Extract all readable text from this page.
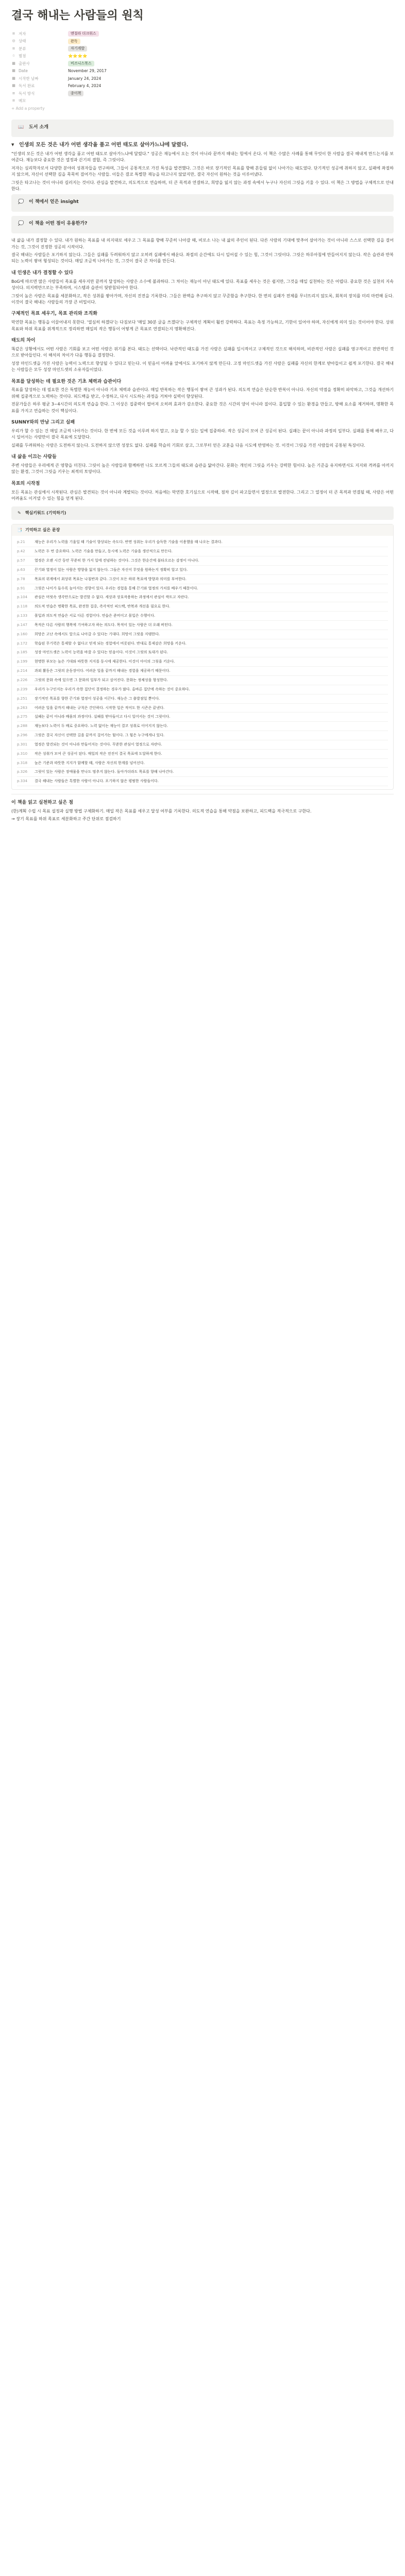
결국 해내는 사람들의 원칙
≡ 저자	앤절라 더크워스
◎ 상태	완독
≡ 분류	자기계발
☆ 별점	⭐⭐⭐⭐
▦ 출판사	비즈니스북스
▦ Date	November 29, 2017
▦ 시작한 날짜	January 24, 2024
▦ 독서 완료	February 4, 2024
≡ 독서 방식	종이책
≡ 메모
+ Add a property
📖 도서 소개
▼ 인생의 모든 것은 내가 어떤 생각을 품고 어떤 태도로 살아가느냐에 달렸다.

"인생의 모든 것은 내가 어떤 생각을 품고 어떤 태도로 살아가느냐에 달렸다." 성공은 재능에서 오는 것이 아니라 끝까지 해내는 힘에서 온다. 이 책은 수많은 사례를 통해 무엇이 한 사람을 결국 해내게 만드는지를 보여준다. 재능보다 중요한 것은 열정과 끈기의 결합, 즉 그릿이다.

저자는 심리학자로서 다양한 분야의 성취자들을 연구하며, 그들이 공통적으로 가진 특성을 발견했다. 그것은 바로 장기적인 목표를 향해 흔들림 없이 나아가는 태도였다. 단기적인 성공에 취하지 않고, 실패에 좌절하지 않으며, 자신이 선택한 길을 묵묵히 걸어가는 사람들. 이들은 결코 특별한 재능을 타고나지 않았지만, 결국 자신이 원하는 것을 이루어냈다.

그릿은 타고나는 것이 아니라 길러지는 것이다. 관심을 발견하고, 의도적으로 연습하며, 더 큰 목적과 연결하고, 희망을 잃지 않는 과정 속에서 누구나 자신의 그릿을 키울 수 있다. 이 책은 그 방법을 구체적으로 안내한다.

💭 이 책에서 얻은 insight
💭 이 책을 어떤 점이 유용한가?

내 삶을 내가 결정할 수 있다. 내가 원하는 목표를 내 의지대로 세우고 그 목표를 향해 꾸준히 나아갈 때, 비로소 나는 내 삶의 주인이 된다. 다른 사람의 기대에 맞추어 살아가는 것이 아니라 스스로 선택한 길을 걸어가는 것, 그것이 진정한 성공의 시작이다.

결국 해내는 사람들은 포기하지 않는다. 그들은 실패를 두려워하지 않고 오히려 실패에서 배운다. 좌절의 순간에도 다시 일어설 수 있는 힘, 그것이 그릿이다. 그릿은 하루아침에 만들어지지 않는다. 작은 습관과 반복되는 노력이 쌓여 형성되는 것이다. 매일 조금씩 나아가는 것, 그것이 결국 큰 차이를 만든다.

내 인생은 내가 결정할 수 있다

BoG에 따르면 많은 사람들이 목표를 세우지만 끝까지 달성하는 사람은 소수에 불과하다. 그 차이는 재능이 아닌 태도에 있다. 목표를 세우는 것은 쉽지만, 그것을 매일 실천하는 것은 어렵다. 중요한 것은 실천의 지속성이다. 의지력만으로는 부족하며, 시스템과 습관이 뒷받침되어야 한다.

그릿이 높은 사람은 목표를 세분화하고, 작은 성취를 쌓아가며, 자신의 진전을 기록한다. 그들은 완벽을 추구하지 않고 꾸준함을 추구한다. 한 번의 실패가 전체를 무너뜨리지 않도록, 회복의 장치를 미리 마련해 둔다. 이것이 결국 해내는 사람들의 가장 큰 비밀이다.

구체적인 목표 세우기, 목표 관리와 조직화

막연한 목표는 행동을 이끌어내지 못한다. '열심히 하겠다'는 다짐보다 '매일 30분 글을 쓰겠다'는 구체적인 계획이 훨씬 강력하다. 목표는 측정 가능하고, 기한이 있어야 하며, 자신에게 의미 있는 것이어야 한다. 상위 목표와 하위 목표를 위계적으로 정리하면 매일의 작은 행동이 어떻게 큰 목표로 연결되는지 명확해진다.

태도의 차이

똑같은 상황에서도 어떤 사람은 기회를 보고 어떤 사람은 위기를 본다. 태도는 선택이다. 낙관적인 태도를 가진 사람은 실패를 일시적이고 구체적인 것으로 해석하며, 비관적인 사람은 실패를 영구적이고 전반적인 것으로 받아들인다. 이 해석의 차이가 다음 행동을 결정한다.

성장 마인드셋을 가진 사람은 능력이 노력으로 향상될 수 있다고 믿는다. 이 믿음이 어려움 앞에서도 포기하지 않게 만든다. 고정 마인드셋을 가진 사람은 실패를 자신의 한계로 받아들이고 쉽게 포기한다. 결국 해내는 사람들은 모두 성장 마인드셋의 소유자들이었다.

목표를 달성하는 데 필요한 것은 기초 체력과 습관이다

목표를 달성하는 데 필요한 것은 특별한 재능이 아니라 기초 체력과 습관이다. 매일 반복하는 작은 행동이 쌓여 큰 성과가 된다. 의도적 연습은 단순한 반복이 아니다. 자신의 약점을 정확히 파악하고, 그것을 개선하기 위해 집중적으로 노력하는 것이다. 피드백을 받고, 수정하고, 다시 시도하는 과정을 거쳐야 실력이 향상된다.

전문가들은 하루 평균 3~4시간의 의도적 연습을 한다. 그 이상은 집중력이 떨어져 오히려 효과가 감소한다. 중요한 것은 시간의 양이 아니라 질이다. 몰입할 수 있는 환경을 만들고, 방해 요소를 제거하며, 명확한 목표를 가지고 연습하는 것이 핵심이다.

SUNNY와의 만남 그리고 실패

우리가 할 수 있는 건 매일 조금씩 나아가는 것이다. 한 번에 모든 것을 이루려 하지 말고, 오늘 할 수 있는 일에 집중하라. 작은 성공이 모여 큰 성공이 된다. 실패는 끝이 아니라 과정의 일부다. 실패를 통해 배우고, 다시 일어서는 사람만이 결국 목표에 도달한다.

실패를 두려워하는 사람은 도전하지 않는다. 도전하지 않으면 성장도 없다. 실패를 학습의 기회로 삼고, 그로부터 얻은 교훈을 다음 시도에 반영하는 것. 이것이 그릿을 가진 사람들의 공통된 특징이다.

내 삶을 이끄는 사람들

주변 사람들은 우리에게 큰 영향을 미친다. 그릿이 높은 사람들과 함께하면 나도 모르게 그들의 태도와 습관을 닮아간다. 문화는 개인의 그릿을 키우는 강력한 힘이다. 높은 기준을 유지하면서도 지지와 격려를 아끼지 않는 환경, 그것이 그릿을 키우는 최적의 토양이다.

목표의 시작점

모든 목표는 관심에서 시작된다. 관심은 발견되는 것이 아니라 계발되는 것이다. 처음에는 막연한 호기심으로 시작해, 점차 깊이 파고들면서 열정으로 발전한다. 그리고 그 열정이 더 큰 목적과 연결될 때, 사람은 어떤 어려움도 이겨낼 수 있는 힘을 얻게 된다.

✎ 핵심키워드 (기억하기)
📑 기억하고 싶은 문장
p.21	재능은 우리가 노력을 기울일 때 기술이 향상되는 속도다. 반면 성취는 우리가 습득한 기술을 이용했을 때 나오는 결과다.
p.42	노력은 두 번 중요하다. 노력은 기술을 만들고, 동시에 노력은 기술을 생산적으로 만든다.
p.57	열정은 오랜 시간 동안 꾸준히 한 가지 일에 전념하는 것이다. 그것은 한순간에 불타오르는 감정이 아니다.
p.63	끈기와 열정이 있는 사람은 방향을 잃지 않는다. 그들은 자신이 무엇을 원하는지 정확히 알고 있다.
p.78	목표의 위계에서 최상위 목표는 나침반과 같다. 그것이 모든 하위 목표에 방향과 의미를 부여한다.
p.91	그릿은 나이가 들수록 높아지는 경향이 있다. 우리는 경험을 통해 끈기와 열정의 가치를 배우기 때문이다.
p.104	관심은 머릿속 생각만으로는 발견할 수 없다. 세상과 상호작용하는 과정에서 관심이 싹트고 자란다.
p.118	의도적 연습은 명확한 목표, 완전한 집중, 즉각적인 피드백, 반복과 개선을 필요로 한다.
p.133	몰입과 의도적 연습은 서로 다른 경험이다. 연습은 준비이고 몰입은 수행이다.
p.147	목적은 다른 사람의 행복에 기여하고자 하는 의도다. 목적이 있는 사람은 더 오래 버틴다.
p.160	희망은 고난 속에서도 앞으로 나아갈 수 있다는 기대다. 희망이 그릿을 지탱한다.
p.172	학습된 무기력은 통제할 수 없다고 믿게 되는 경험에서 비롯된다. 반대로 통제감은 희망을 키운다.
p.185	성장 마인드셋은 노력이 능력을 바꿀 수 있다는 믿음이다. 이것이 그릿의 토대가 된다.
p.199	현명한 부모는 높은 기대와 따뜻한 지지를 동시에 제공한다. 이것이 아이의 그릿을 키운다.
p.214	과외 활동은 그릿의 운동장이다. 어려운 일을 끝까지 해내는 경험을 제공하기 때문이다.
p.226	그릿의 문화 속에 있으면 그 문화의 일부가 되고 싶어진다. 문화는 정체성을 형성한다.
p.239	우리가 누구인지는 우리가 속한 집단이 결정하는 경우가 많다. 올바른 집단에 속하는 것이 중요하다.
p.251	장기적인 목표를 향한 끈기와 열정이 성공을 이끈다. 재능은 그 출발점일 뿐이다.
p.263	어려운 일을 끝까지 해내는 규칙은 간단하다. 시작한 일은 적어도 한 시즌은 끝낸다.
p.275	실패는 끝이 아니라 배움의 과정이다. 실패를 받아들이고 다시 일어서는 것이 그릿이다.
p.288	재능보다 노력이 두 배로 중요하다. 노력 없이는 재능이 결코 성취로 이어지지 않는다.
p.296	그릿은 결국 자신이 선택한 길을 끝까지 걸어가는 힘이다. 그 힘은 누구에게나 있다.
p.301	열정은 발견되는 것이 아니라 만들어지는 것이다. 꾸준한 관심이 열정으로 자란다.
p.310	작은 성취가 모여 큰 성공이 된다. 매일의 작은 전진이 결국 목표에 도달하게 한다.
p.318	높은 기준과 따뜻한 지지가 함께할 때, 사람은 자신의 한계를 넘어선다.
p.326	그릿이 있는 사람은 장애물을 만나도 멈추지 않는다. 돌아가더라도 목표를 향해 나아간다.
p.334	결국 해내는 사람들은 특별한 사람이 아니다. 포기하지 않은 평범한 사람들이다.
이 책을 읽고 실천하고 싶은 점

(한)계획 수립 시 목표 설정과 실행 방법 구체화하기. 매일 작은 목표를 세우고 달성 여부를 기록한다. 의도적 연습을 통해 약점을 보완하고, 피드백을 적극적으로 구한다.

→ 장기 목표를 하위 목표로 세분화하고 주간 단위로 점검하기
